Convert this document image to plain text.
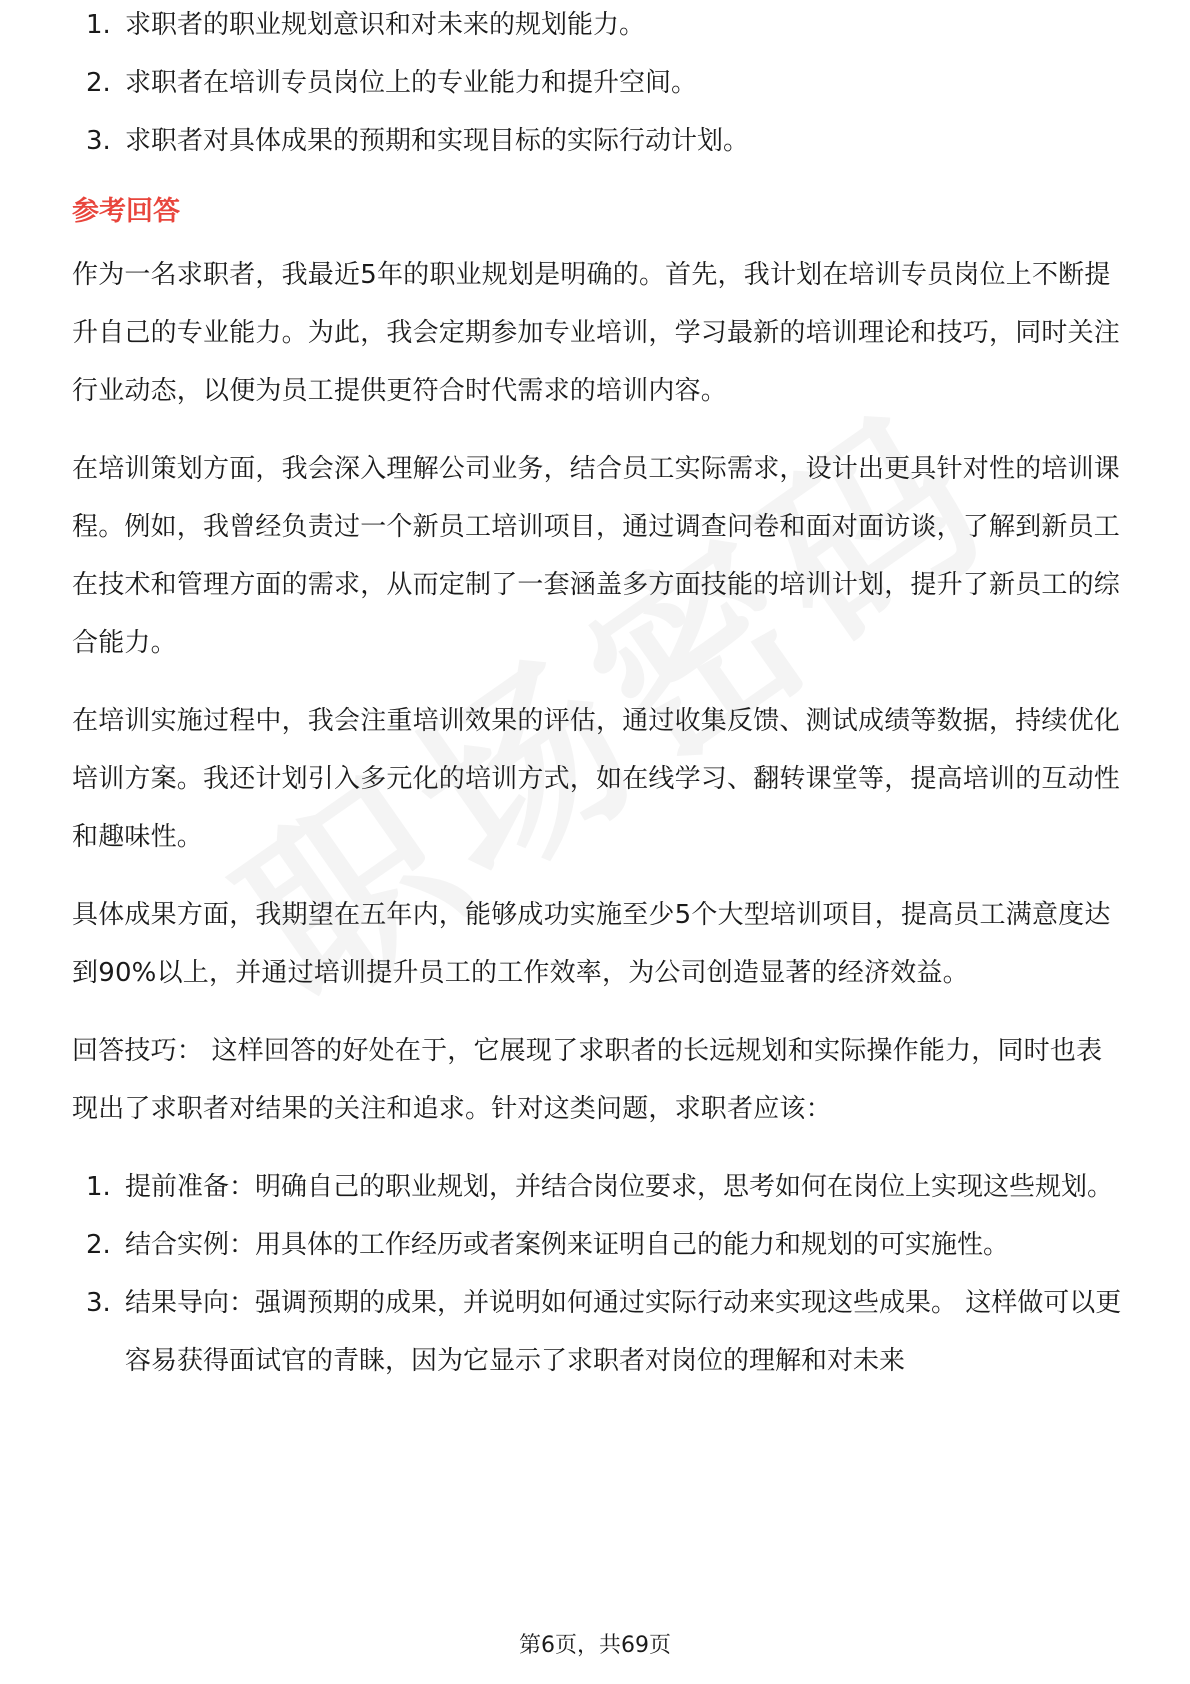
1. 求职者的职业规划意识和对未来的规划能力。
2. 求职者在培训专员岗位上的专业能力和提升空间。
3. 求职者对具体成果的预期和实现目标的实际行动计划。
参考回答

作为一名求职者，我最近5年的职业规划是明确的。首先，我计划在培训专员岗位上不断提升自己的专业能力。为此，我会定期参加专业培训，学习最新的培训理论和技巧，同时关注行业动态，以便为员工提供更符合时代需求的培训内容。

在培训策划方面，我会深入理解公司业务，结合员工实际需求，设计出更具针对性的培训课程。例如，我曾经负责过一个新员工培训项目，通过调查问卷和面对面访谈，了解到新员工在技术和管理方面的需求，从而定制了一套涵盖多方面技能的培训计划，提升了新员工的综合能力。

在培训实施过程中，我会注重培训效果的评估，通过收集反馈、测试成绩等数据，持续优化培训方案。我还计划引入多元化的培训方式，如在线学习、翻转课堂等，提高培训的互动性和趣味性。

具体成果方面，我期望在五年内，能够成功实施至少5个大型培训项目，提高员工满意度达到90%以上，并通过培训提升员工的工作效率，为公司创造显著的经济效益。

回答技巧： 这样回答的好处在于，它展现了求职者的长远规划和实际操作能力，同时也表现出了求职者对结果的关注和追求。针对这类问题，求职者应该：

1. 提前准备：明确自己的职业规划，并结合岗位要求，思考如何在岗位上实现这些规划。
2. 结合实例：用具体的工作经历或者案例来证明自己的能力和规划的可实施性。
3. 结果导向：强调预期的成果，并说明如何通过实际行动来实现这些成果。 这样做可以更容易获得面试官的青睐，因为它显示了求职者对岗位的理解和对未来
第6页，共69页
